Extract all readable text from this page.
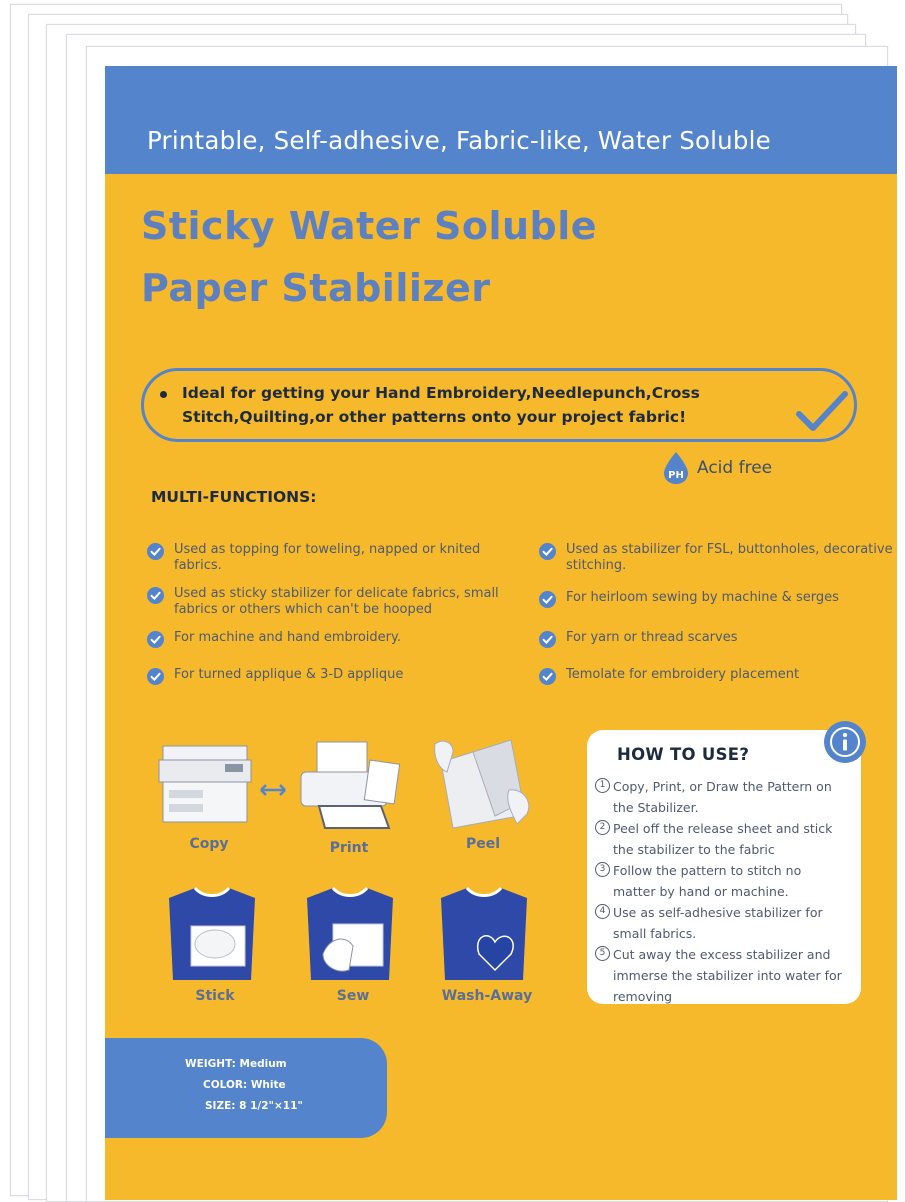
Printable, Self-adhesive, Fabric-like, Water Soluble
Sticky Water Soluble
Paper Stabilizer
Ideal for getting your Hand Embroidery,Needlepunch,Cross Stitch,Quilting,or other patterns onto your project fabric!
PH Acid free
MULTI-FUNCTIONS:
Used as topping for toweling, napped or knited fabrics.
Used as sticky stabilizer for delicate fabrics, small fabrics or others which can't be hooped
For machine and hand embroidery.
For turned applique & 3-D applique
Used as stabilizer for FSL, buttonholes, decorative stitching.
For heirloom sewing by machine & serges
For yarn or thread scarves
Temolate for embroidery placement
Copy	Print	Peel
Stick	Sew	Wash-Away
HOW TO USE?
1 Copy, Print, or Draw the Pattern on the Stabilizer.
2 Peel off the release sheet and stick the stabilizer to the fabric
3 Follow the pattern to stitch no matter by hand or machine.
4 Use as self-adhesive stabilizer for small fabrics.
5 Cut away the excess stabilizer and immerse the stabilizer into water for removing
WEIGHT: Medium
COLOR: White
SIZE: 8 1/2"×11"
